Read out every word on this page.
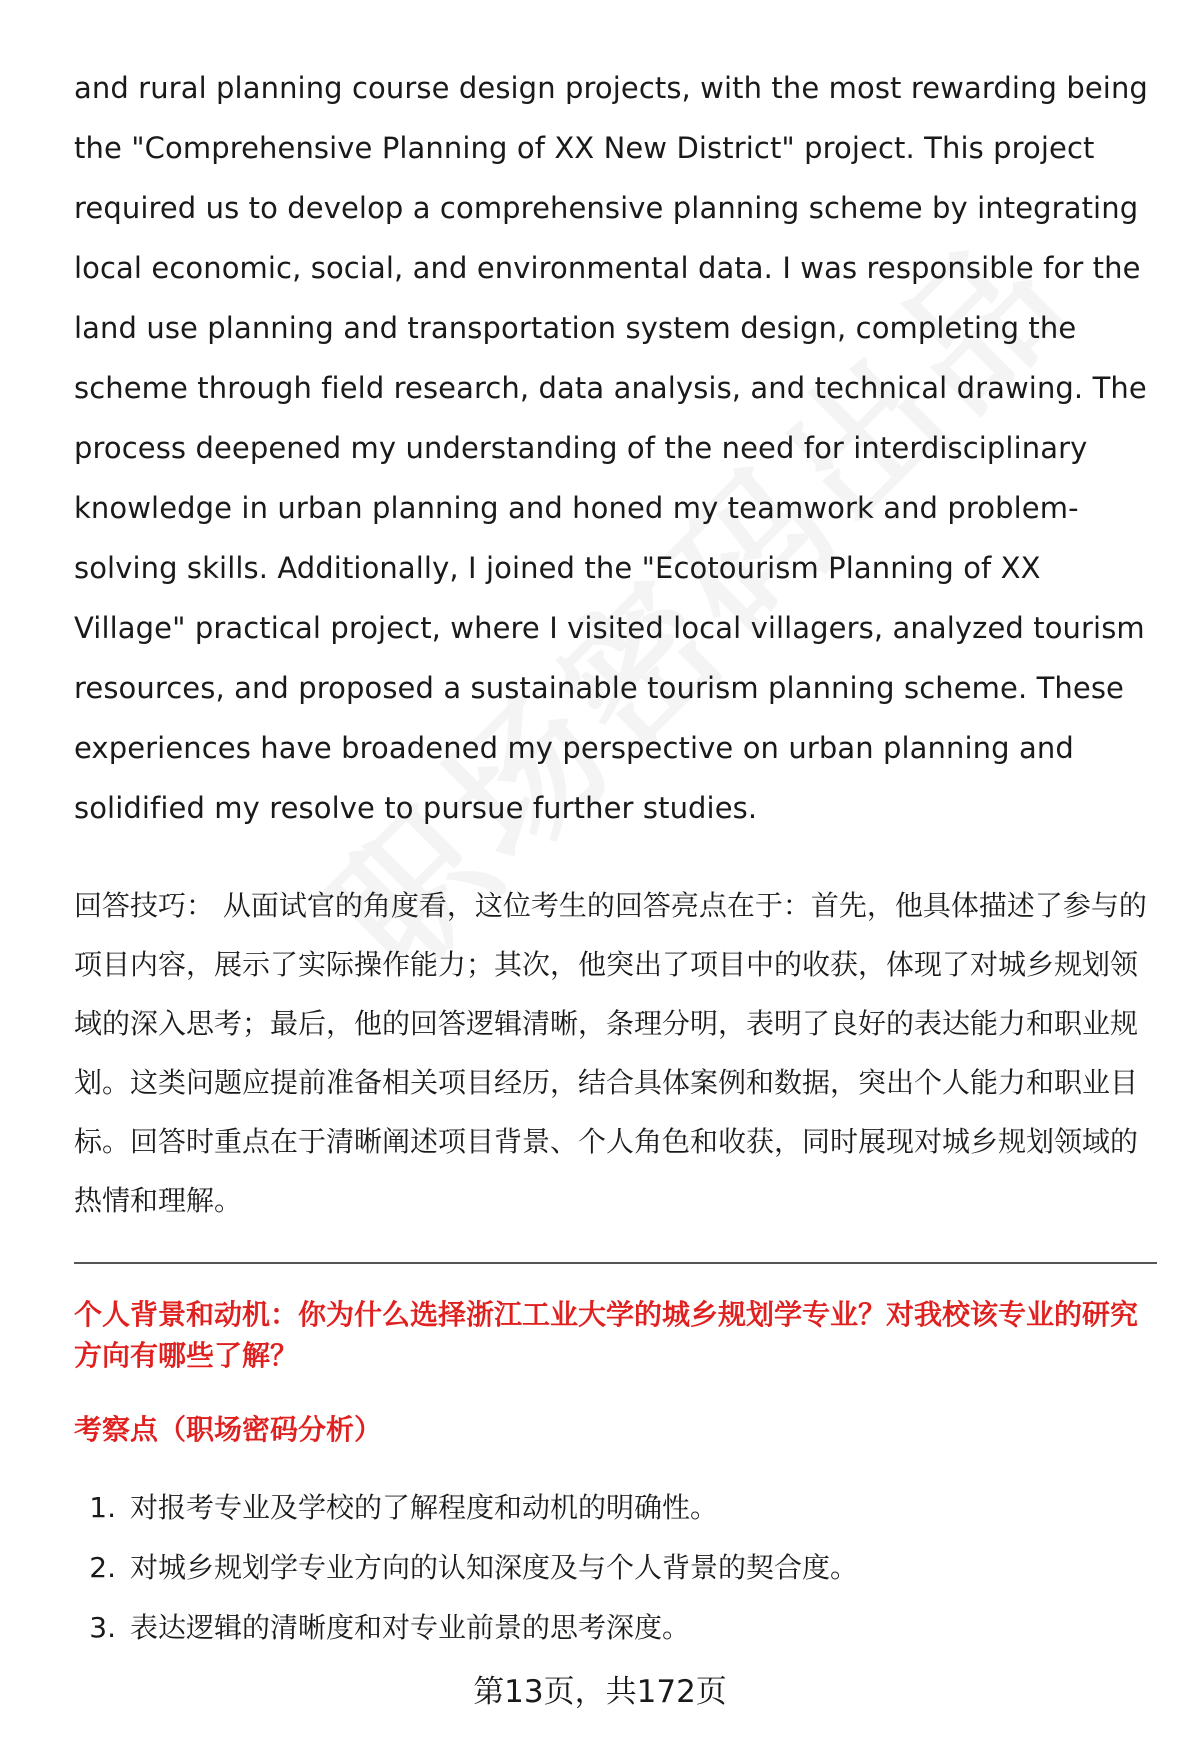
and rural planning course design projects, with the most rewarding being the "Comprehensive Planning of XX New District" project. This project required us to develop a comprehensive planning scheme by integrating local economic, social, and environmental data. I was responsible for the land use planning and transportation system design, completing the scheme through field research, data analysis, and technical drawing. The process deepened my understanding of the need for interdisciplinary knowledge in urban planning and honed my teamwork and problem-solving skills. Additionally, I joined the "Ecotourism Planning of XX Village" practical project, where I visited local villagers, analyzed tourism resources, and proposed a sustainable tourism planning scheme. These experiences have broadened my perspective on urban planning and solidified my resolve to pursue further studies.

回答技巧： 从面试官的角度看，这位考生的回答亮点在于：首先，他具体描述了参与的项目内容，展示了实际操作能力；其次，他突出了项目中的收获，体现了对城乡规划领域的深入思考；最后，他的回答逻辑清晰，条理分明，表明了良好的表达能力和职业规划。这类问题应提前准备相关项目经历，结合具体案例和数据，突出个人能力和职业目标。回答时重点在于清晰阐述项目背景、个人角色和收获，同时展现对城乡规划领域的热情和理解。

个人背景和动机：你为什么选择浙江工业大学的城乡规划学专业？对我校该专业的研究方向有哪些了解？

考察点（职场密码分析）

1. 对报考专业及学校的了解程度和动机的明确性。
2. 对城乡规划学专业方向的认知深度及与个人背景的契合度。
3. 表达逻辑的清晰度和对专业前景的思考深度。
第13页，共172页
